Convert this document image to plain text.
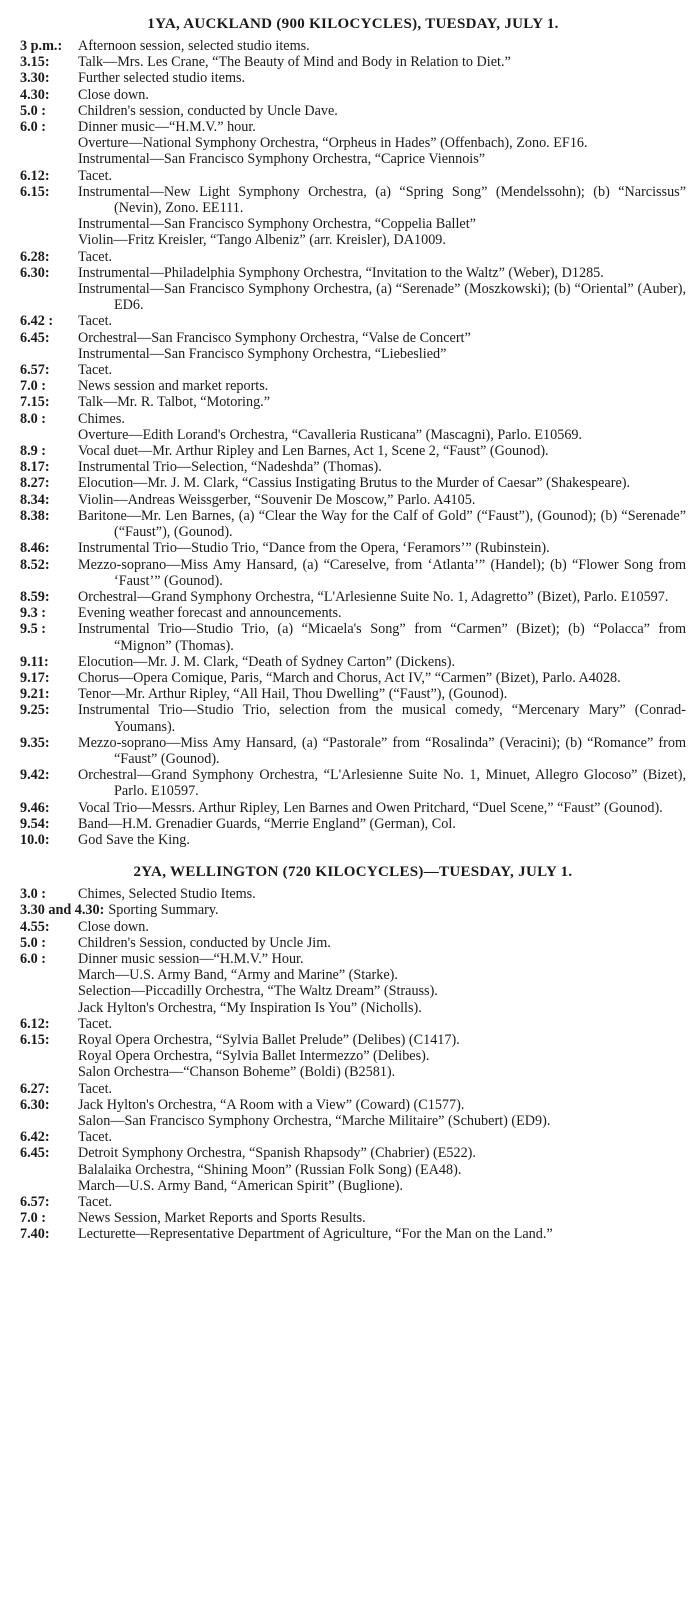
1YA, AUCKLAND (900 KILOCYCLES), TUESDAY, JULY 1.
3 p.m.:	Afternoon session, selected studio items.
3.15:	Talk—Mrs. Les Crane, “The Beauty of Mind and Body in Relation to Diet.”
3.30:	Further selected studio items.
4.30:	Close down.
5.0 :	Children's session, conducted by Uncle Dave.
6.0 :	Dinner music—“H.M.V.” hour.
Overture—National Symphony Orchestra, “Orpheus in Hades” (Offenbach), Zono. EF16.
Instrumental—San Francisco Symphony Orchestra, “Caprice Viennois”
6.12:	Tacet.
6.15:	Instrumental—New Light Symphony Orchestra, (a) “Spring Song” (Mendelssohn); (b) “Narcissus” (Nevin), Zono. EE111.
Instrumental—San Francisco Symphony Orchestra, “Coppelia Ballet”
Violin—Fritz Kreisler, “Tango Albeniz” (arr. Kreisler), DA1009.
6.28:	Tacet.
6.30:	Instrumental—Philadelphia Symphony Orchestra, “Invitation to the Waltz” (Weber), D1285.
Instrumental—San Francisco Symphony Orchestra, (a) “Serenade” (Moszkowski); (b) “Oriental” (Auber), ED6.
6.42 :	Tacet.
6.45:	Orchestral—San Francisco Symphony Orchestra, “Valse de Concert”
Instrumental—San Francisco Symphony Orchestra, “Liebeslied”
6.57:	Tacet.
7.0 :	News session and market reports.
7.15:	Talk—Mr. R. Talbot, “Motoring.”
8.0 :	Chimes.
Overture—Edith Lorand's Orchestra, “Cavalleria Rusticana” (Mascagni), Parlo. E10569.
8.9 :	Vocal duet—Mr. Arthur Ripley and Len Barnes, Act 1, Scene 2, “Faust” (Gounod).
8.17:	Instrumental Trio—Selection, “Nadeshda” (Thomas).
8.27:	Elocution—Mr. J. M. Clark, “Cassius Instigating Brutus to the Murder of Caesar” (Shakespeare).
8.34:	Violin—Andreas Weissgerber, “Souvenir De Moscow,” Parlo. A4105.
8.38:	Baritone—Mr. Len Barnes, (a) “Clear the Way for the Calf of Gold” (“Faust”), (Gounod); (b) “Serenade” (“Faust”), (Gounod).
8.46:	Instrumental Trio—Studio Trio, “Dance from the Opera, ‘Feramors’” (Rubinstein).
8.52:	Mezzo-soprano—Miss Amy Hansard, (a) “Careselve, from ‘Atlanta’” (Handel); (b) “Flower Song from ‘Faust’” (Gounod).
8.59:	Orchestral—Grand Symphony Orchestra, “L'Arlesienne Suite No. 1, Adagretto” (Bizet), Parlo. E10597.
9.3 :	Evening weather forecast and announcements.
9.5 :	Instrumental Trio—Studio Trio, (a) “Micaela's Song” from “Carmen” (Bizet); (b) “Polacca” from “Mignon” (Thomas).
9.11:	Elocution—Mr. J. M. Clark, “Death of Sydney Carton” (Dickens).
9.17:	Chorus—Opera Comique, Paris, “March and Chorus, Act IV,” “Carmen” (Bizet), Parlo. A4028.
9.21:	Tenor—Mr. Arthur Ripley, “All Hail, Thou Dwelling” (“Faust”), (Gounod).
9.25:	Instrumental Trio—Studio Trio, selection from the musical comedy, “Mercenary Mary” (Conrad-Youmans).
9.35:	Mezzo-soprano—Miss Amy Hansard, (a) “Pastorale” from “Rosalinda” (Veracini); (b) “Romance” from “Faust” (Gounod).
9.42:	Orchestral—Grand Symphony Orchestra, “L'Arlesienne Suite No. 1, Minuet, Allegro Glocoso” (Bizet), Parlo. E10597.
9.46:	Vocal Trio—Messrs. Arthur Ripley, Len Barnes and Owen Pritchard, “Duel Scene,” “Faust” (Gounod).
9.54:	Band—H.M. Grenadier Guards, “Merrie England” (German), Col.
10.0:	God Save the King.
2YA, WELLINGTON (720 KILOCYCLES)—TUESDAY, JULY 1.
3.0 :	Chimes, Selected Studio Items.
3.30 and 4.30: Sporting Summary.
4.55:	Close down.
5.0 :	Children's Session, conducted by Uncle Jim.
6.0 :	Dinner music session—“H.M.V.” Hour.
March—U.S. Army Band, “Army and Marine” (Starke).
Selection—Piccadilly Orchestra, “The Waltz Dream” (Strauss).
Jack Hylton's Orchestra, “My Inspiration Is You” (Nicholls).
6.12:	Tacet.
6.15:	Royal Opera Orchestra, “Sylvia Ballet Prelude” (Delibes) (C1417).
Royal Opera Orchestra, “Sylvia Ballet Intermezzo” (Delibes).
Salon Orchestra—“Chanson Boheme” (Boldi) (B2581).
6.27:	Tacet.
6.30:	Jack Hylton's Orchestra, “A Room with a View” (Coward) (C1577).
Salon—San Francisco Symphony Orchestra, “Marche Militaire” (Schubert) (ED9).
6.42:	Tacet.
6.45:	Detroit Symphony Orchestra, “Spanish Rhapsody” (Chabrier) (E522).
Balalaika Orchestra, “Shining Moon” (Russian Folk Song) (EA48).
March—U.S. Army Band, “American Spirit” (Buglione).
6.57:	Tacet.
7.0 :	News Session, Market Reports and Sports Results.
7.40:	Lecturette—Representative Department of Agriculture, “For the Man on the Land.”
